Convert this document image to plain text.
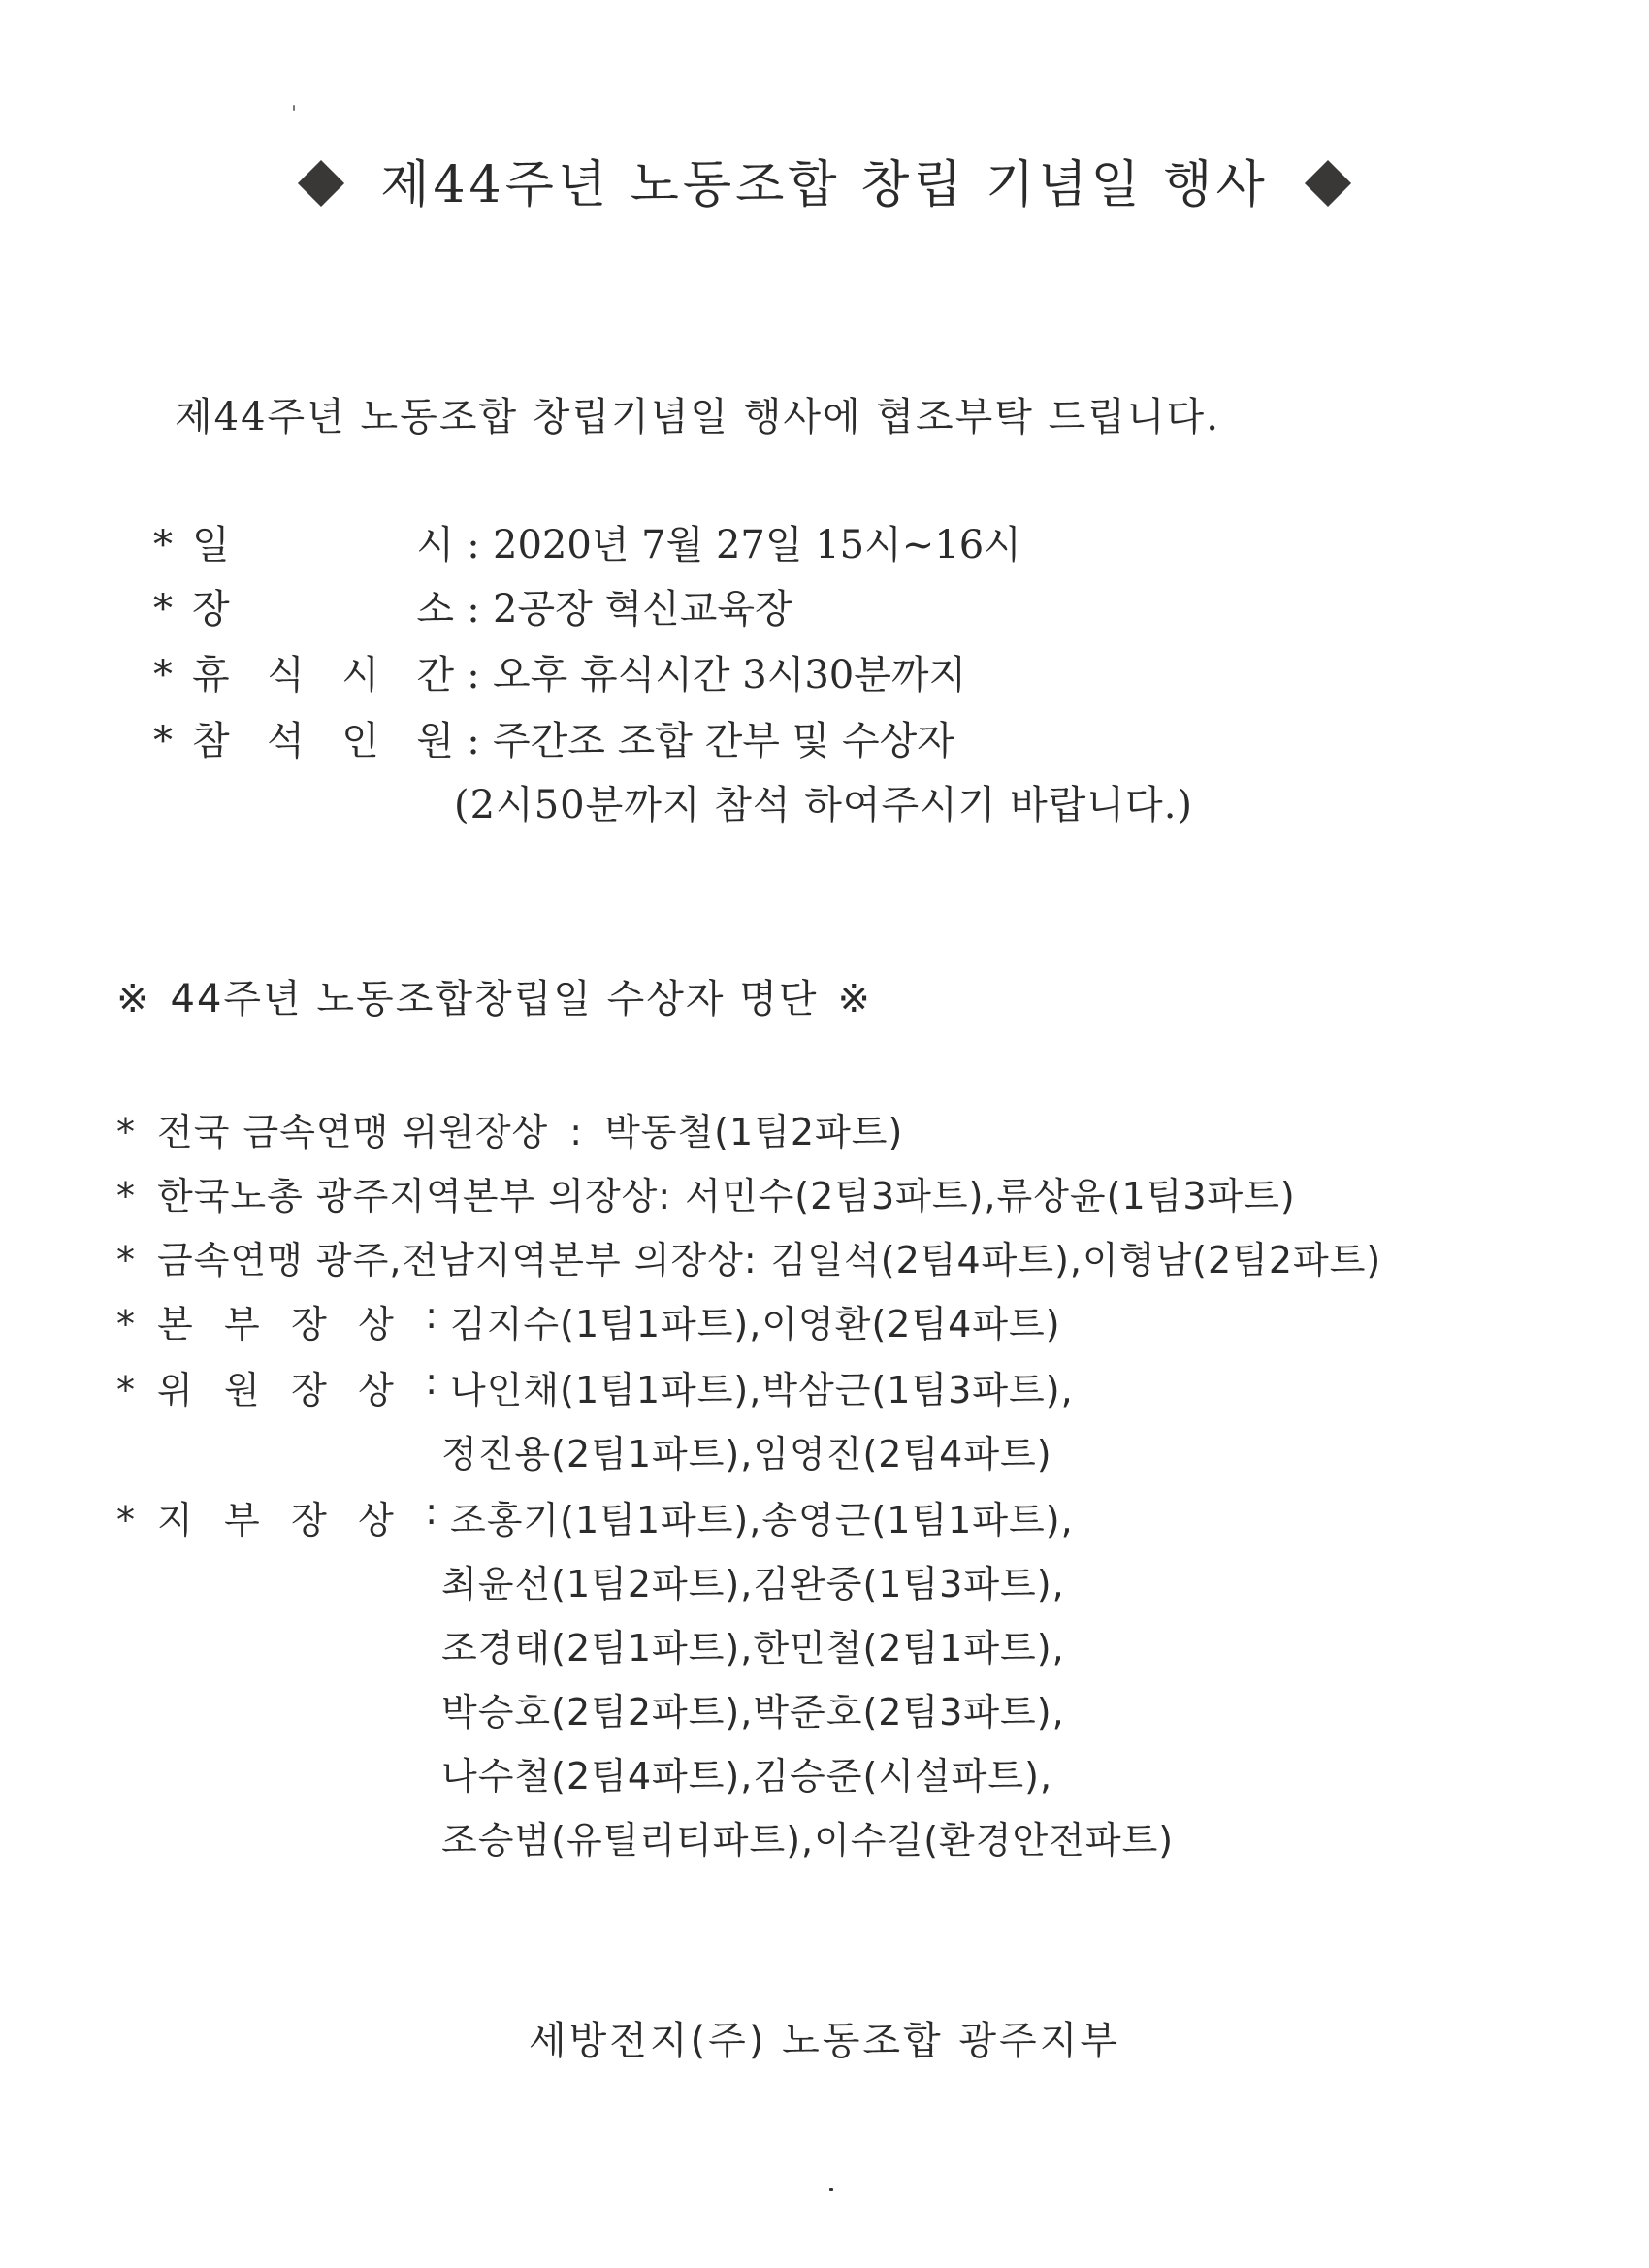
제44주년 노동조합 창립 기념일 행사
제44주년 노동조합 창립기념일 행사에 협조부탁 드립니다.
* 일	시 : 2020년 7월 27일 15시~16시
* 장	소 : 2공장 혁신교육장
* 휴 식 시 간 : 오후 휴식시간 3시30분까지
* 참 석 인 원 : 주간조 조합 간부 및 수상자
(2시50분까지 참석 하여주시기 바랍니다.)
※ 44주년 노동조합창립일 수상자 명단 ※
* 전국 금속연맹 위원장상 : 박동철(1팀2파트)
* 한국노총 광주지역본부 의장상: 서민수(2팀3파트),류상윤(1팀3파트)
* 금속연맹 광주,전남지역본부 의장상: 김일석(2팀4파트),이형남(2팀2파트)
* 본 부 장 상 : 김지수(1팀1파트),이영환(2팀4파트)
* 위 원 장 상 : 나인채(1팀1파트),박삼근(1팀3파트),
정진용(2팀1파트),임영진(2팀4파트)
* 지 부 장 상 : 조홍기(1팀1파트),송영근(1팀1파트),
최윤선(1팀2파트),김완중(1팀3파트),
조경태(2팀1파트),한민철(2팀1파트),
박승호(2팀2파트),박준호(2팀3파트),
나수철(2팀4파트),김승준(시설파트),
조승범(유틸리티파트),이수길(환경안전파트)
세방전지(주) 노동조합 광주지부
